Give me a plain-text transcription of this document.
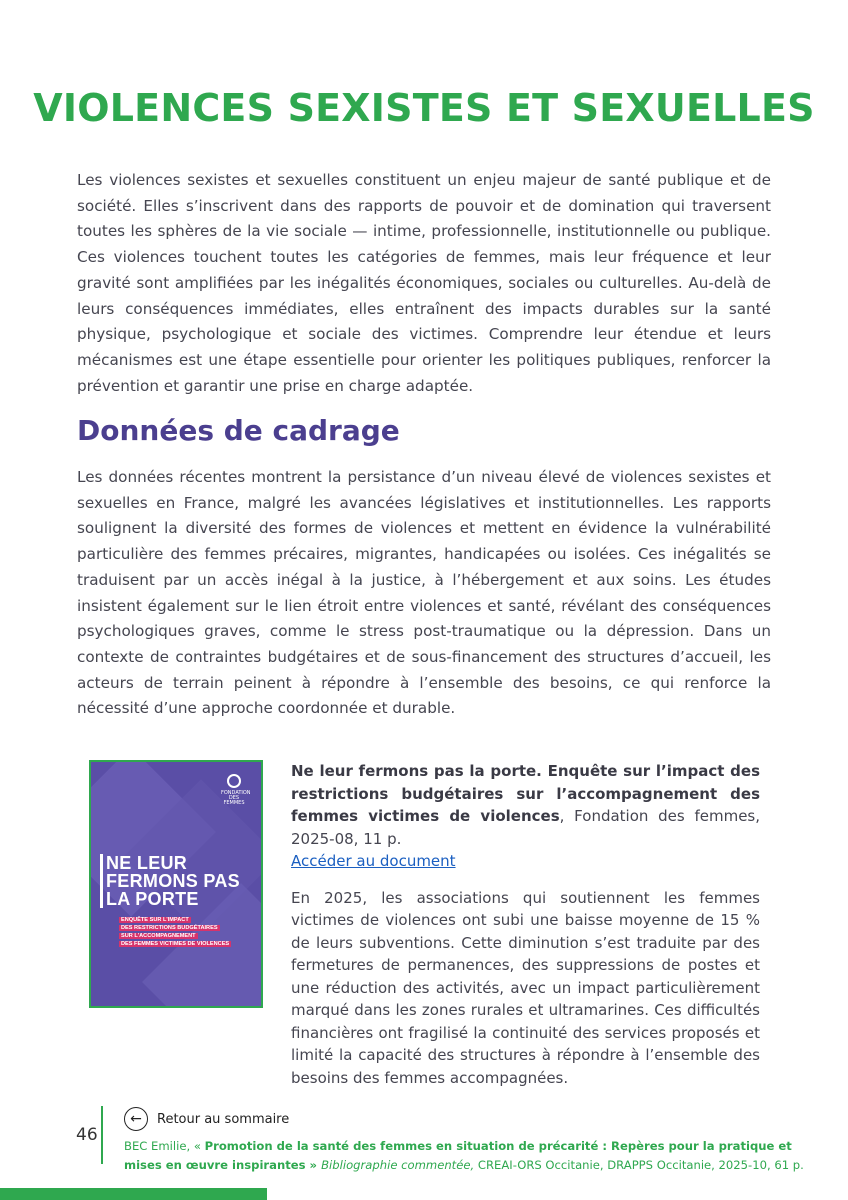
VIOLENCES SEXISTES ET SEXUELLES

Les violences sexistes et sexuelles constituent un enjeu majeur de santé publique et de société. Elles s’inscrivent dans des rapports de pouvoir et de domination qui traversent toutes les sphères de la vie sociale — intime, professionnelle, institutionnelle ou publique. Ces violences touchent toutes les catégories de femmes, mais leur fréquence et leur gravité sont amplifiées par les inégalités économiques, sociales ou culturelles. Au-delà de leurs conséquences immédiates, elles entraînent des impacts durables sur la santé physique, psychologique et sociale des victimes. Comprendre leur étendue et leurs mécanismes est une étape essentielle pour orienter les politiques publiques, renforcer la prévention et garantir une prise en charge adaptée.

Données de cadrage

Les données récentes montrent la persistance d’un niveau élevé de violences sexistes et sexuelles en France, malgré les avancées législatives et institutionnelles. Les rapports soulignent la diversité des formes de violences et mettent en évidence la vulnérabilité particulière des femmes précaires, migrantes, handicapées ou isolées. Ces inégalités se traduisent par un accès inégal à la justice, à l’hébergement et aux soins. Les études insistent également sur le lien étroit entre violences et santé, révélant des conséquences psychologiques graves, comme le stress post-traumatique ou la dépression. Dans un contexte de contraintes budgétaires et de sous-financement des structures d’accueil, les acteurs de terrain peinent à répondre à l’ensemble des besoins, ce qui renforce la nécessité d’une approche coordonnée et durable.

FONDATION DES FEMMES
NE LEUR FERMONS PAS LA PORTE
ENQUÊTE SUR L'IMPACT
DES RESTRICTIONS BUDGÉTAIRES
SUR L'ACCOMPAGNEMENT
DES FEMMES VICTIMES DE VIOLENCES

Ne leur fermons pas la porte. Enquête sur l’impact des restrictions budgétaires sur l’accompagnement des femmes victimes de violences, Fondation des femmes, 2025-08, 11 p.

Accéder au document

En 2025, les associations qui soutiennent les femmes victimes de violences ont subi une baisse moyenne de 15 % de leurs subventions. Cette diminution s’est traduite par des fermetures de permanences, des suppressions de postes et une réduction des activités, avec un impact particulièrement marqué dans les zones rurales et ultramarines. Ces difficultés financières ont fragilisé la continuité des services proposés et limité la capacité des structures à répondre à l’ensemble des besoins des femmes accompagnées.

←	Retour au sommaire
46
BEC Emilie, « Promotion de la santé des femmes en situation de précarité : Repères pour la pratique et mises en œuvre inspirantes » Bibliographie commentée, CREAI-ORS Occitanie, DRAPPS Occitanie, 2025-10, 61 p.
